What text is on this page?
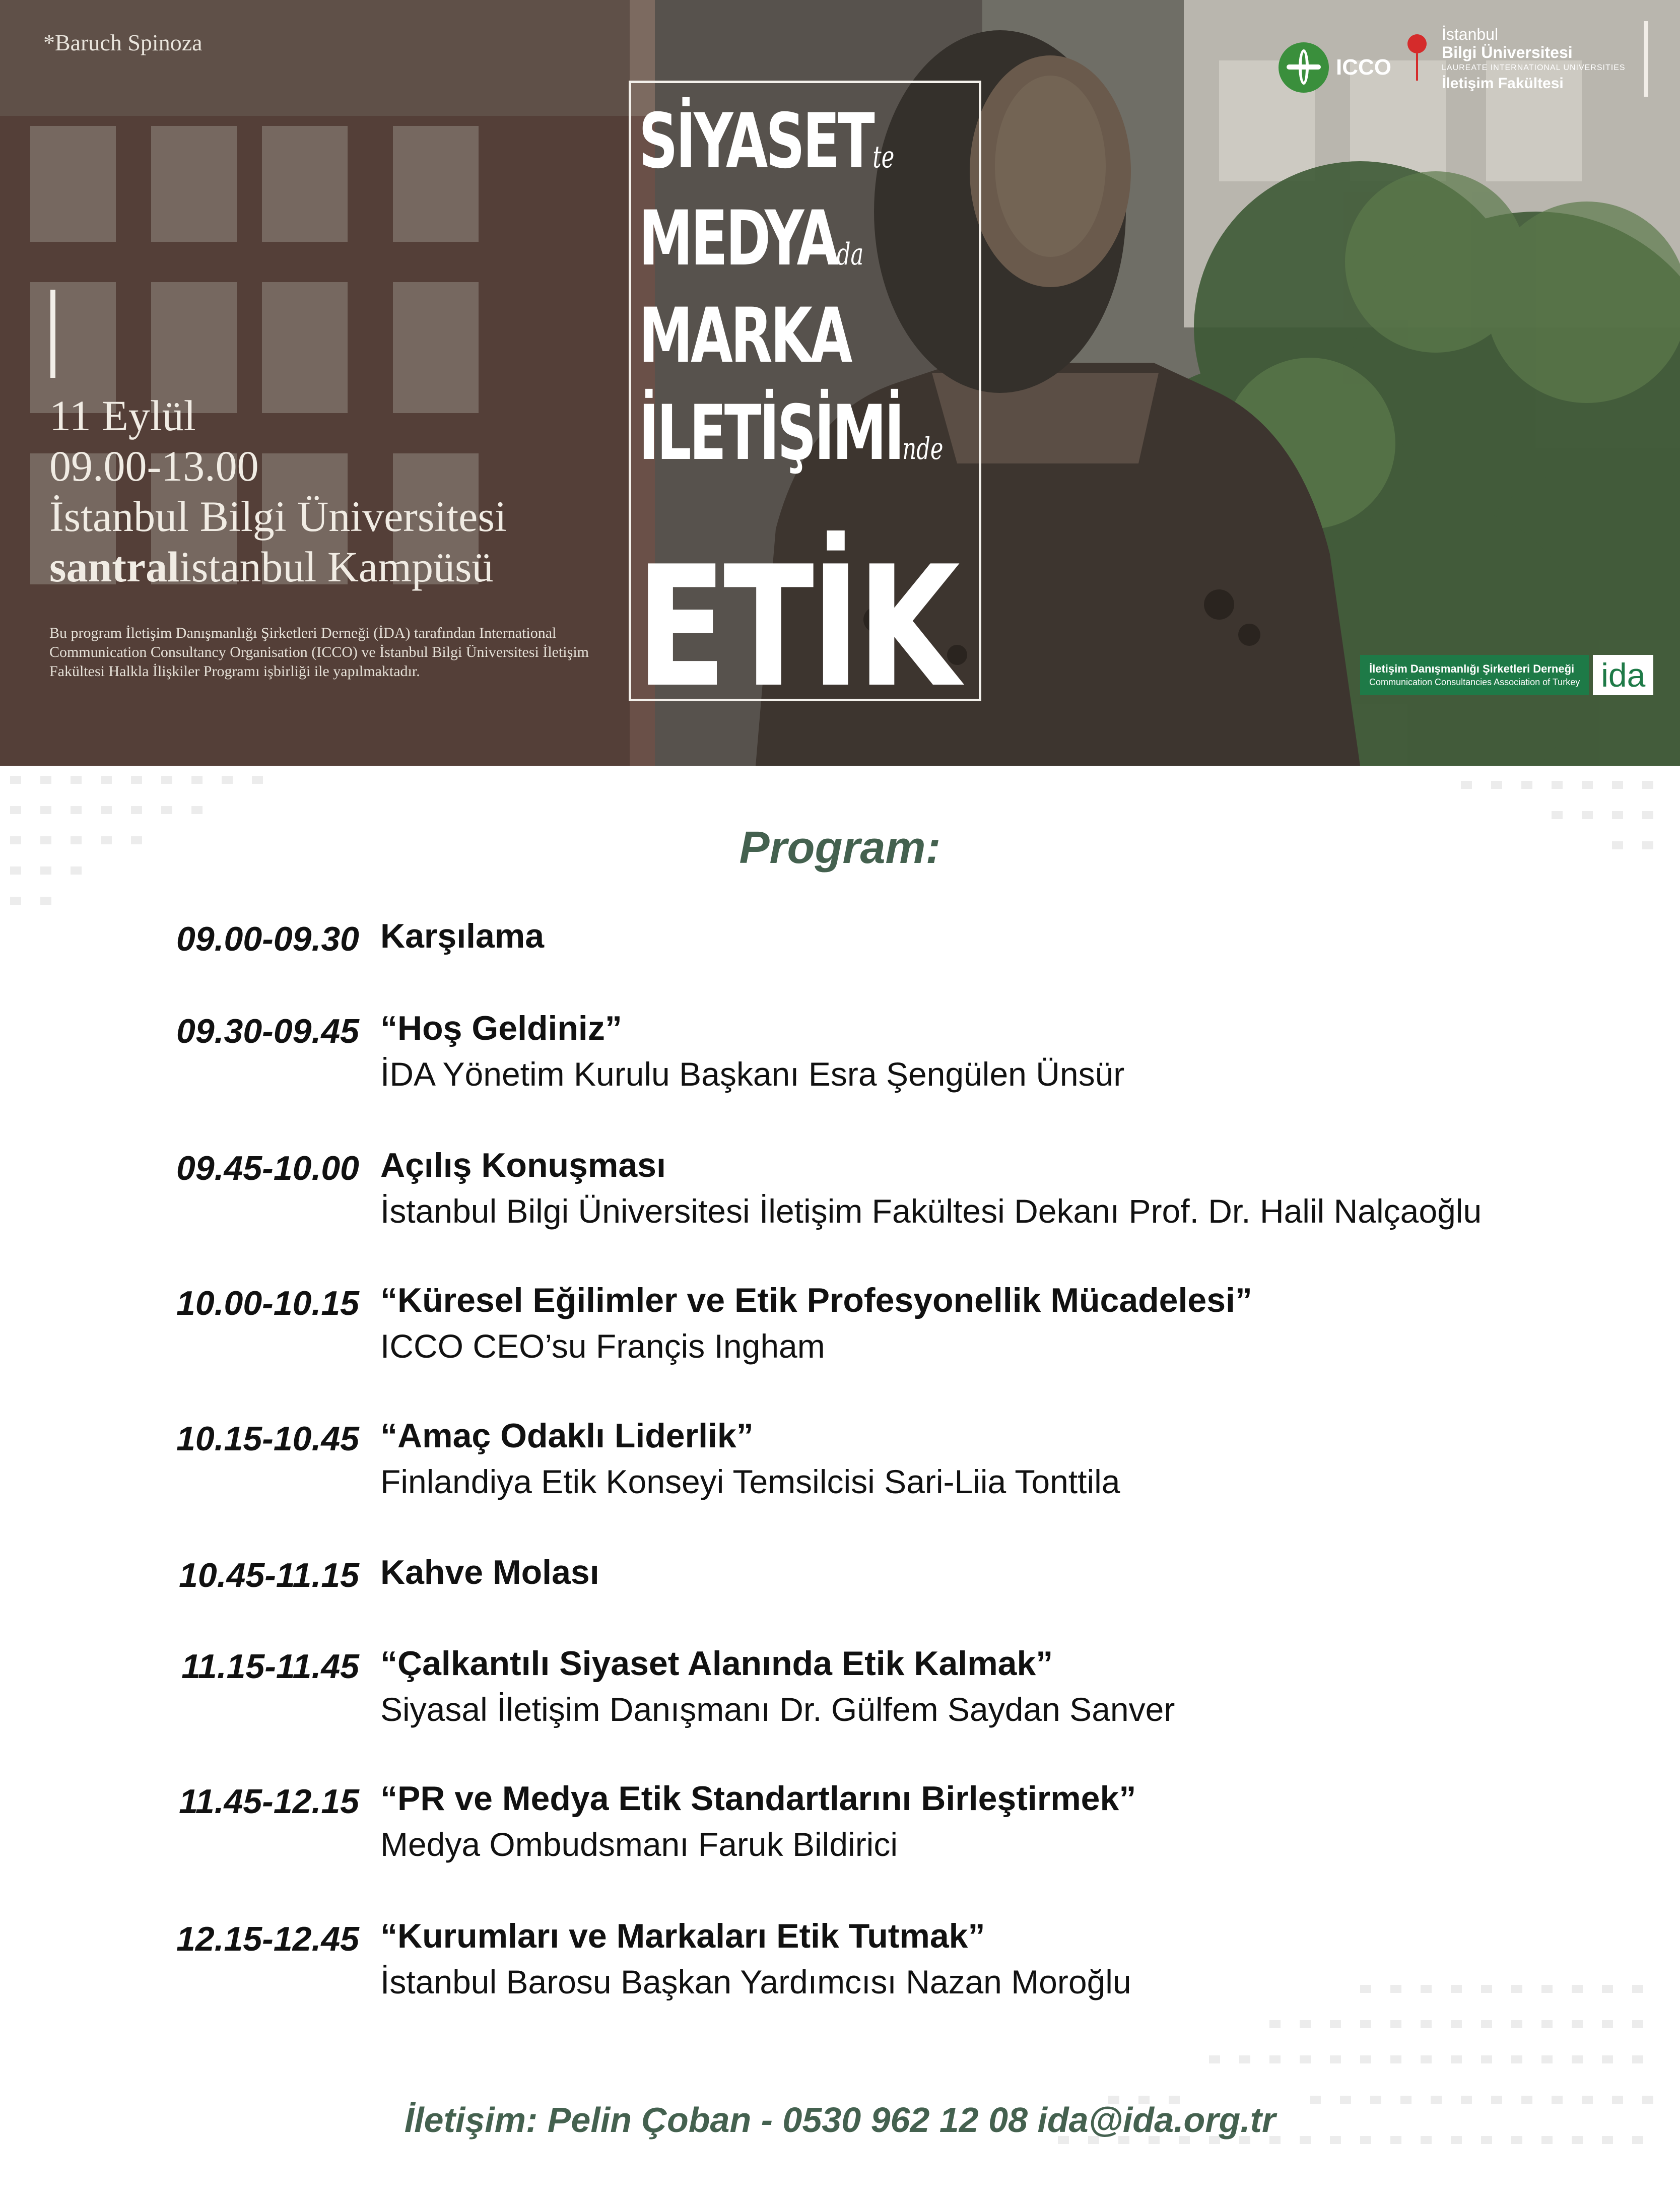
*Baruch Spinoza
11 Eylül
09.00-13.00
İstanbul Bilgi Üniversitesi
santralistanbul Kampüsü
Bu program İletişim Danışmanlığı Şirketleri Derneği (İDA) tarafından International Communication Consultancy Organisation (ICCO) ve İstanbul Bilgi Üniversitesi İletişim Fakültesi Halkla İlişkiler Programı işbirliği ile yapılmaktadır.
SİYASETte
MEDYAda
MARKA
İLETİŞİMİnde
ETİK
ICCO
İstanbul
Bilgi Üniversitesi
LAUREATE INTERNATIONAL UNIVERSITIES
İletişim Fakültesi
İletişim Danışmanlığı Şirketleri Derneği
Communication Consultancies Association of Turkey ida
Program:
09.00-09.30 Karşılama
09.30-09.45 “Hoş Geldiniz”
İDA Yönetim Kurulu Başkanı Esra Şengülen Ünsür
09.45-10.00 Açılış Konuşması
İstanbul Bilgi Üniversitesi İletişim Fakültesi Dekanı Prof. Dr. Halil Nalçaoğlu
10.00-10.15 “Küresel Eğilimler ve Etik Profesyonellik Mücadelesi”
ICCO CEO’su Françis Ingham
10.15-10.45 “Amaç Odaklı Liderlik”
Finlandiya Etik Konseyi Temsilcisi Sari-Liia Tonttila
10.45-11.15 Kahve Molası
11.15-11.45 “Çalkantılı Siyaset Alanında Etik Kalmak”
Siyasal İletişim Danışmanı Dr. Gülfem Saydan Sanver
11.45-12.15 “PR ve Medya Etik Standartlarını Birleştirmek”
Medya Ombudsmanı Faruk Bildirici
12.15-12.45 “Kurumları ve Markaları Etik Tutmak”
İstanbul Barosu Başkan Yardımcısı Nazan Moroğlu
İletişim: Pelin Çoban - 0530 962 12 08 ida@ida.org.tr
